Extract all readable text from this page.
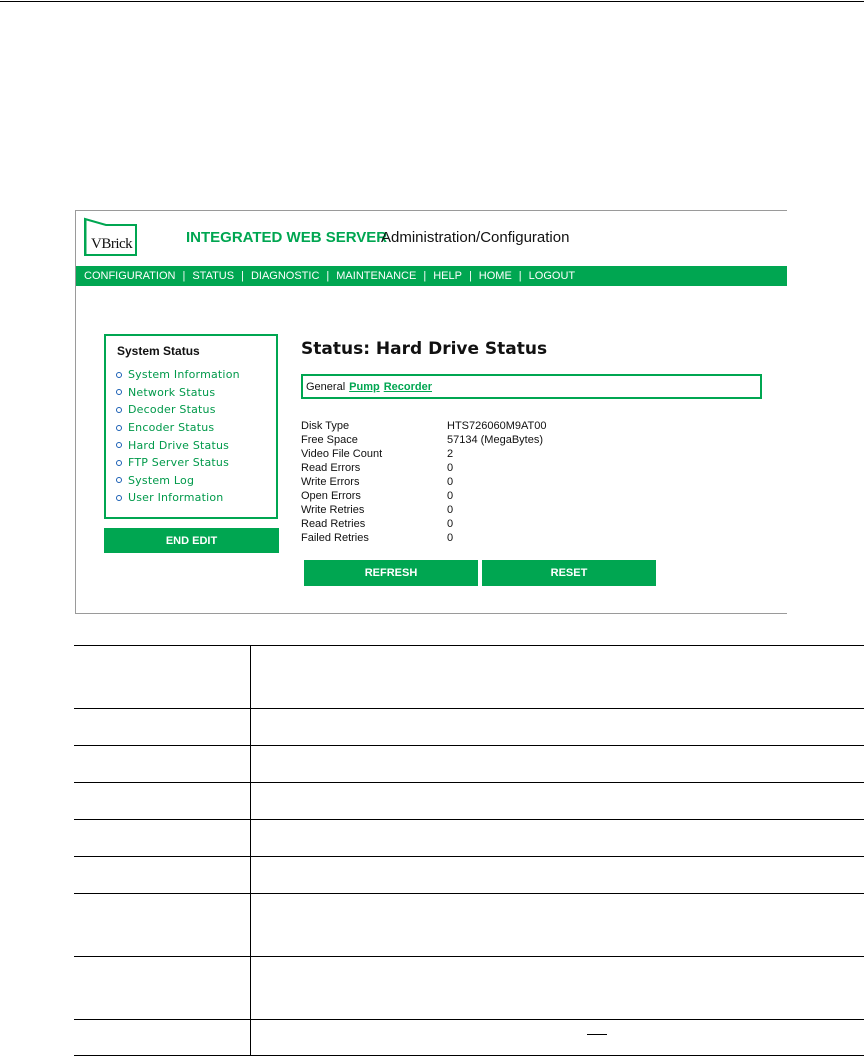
VBrick	INTEGRATED WEB SERVER
Administration/Configuration
CONFIGURATION | STATUS | DIAGNOSTIC | MAINTENANCE | HELP | HOME | LOGOUT
System Status
System Information
Network Status
Decoder Status
Encoder Status
Hard Drive Status
FTP Server Status
System Log
User Information
END EDIT
Status: Hard Drive Status
General Pump Recorder
Disk Type	HTS726060M9AT00
Free Space	57134 (MegaBytes)
Video File Count	2
Read Errors	0
Write Errors	0
Open Errors	0
Write Retries	0
Read Retries	0
Failed Retries	0
REFRESH	RESET
